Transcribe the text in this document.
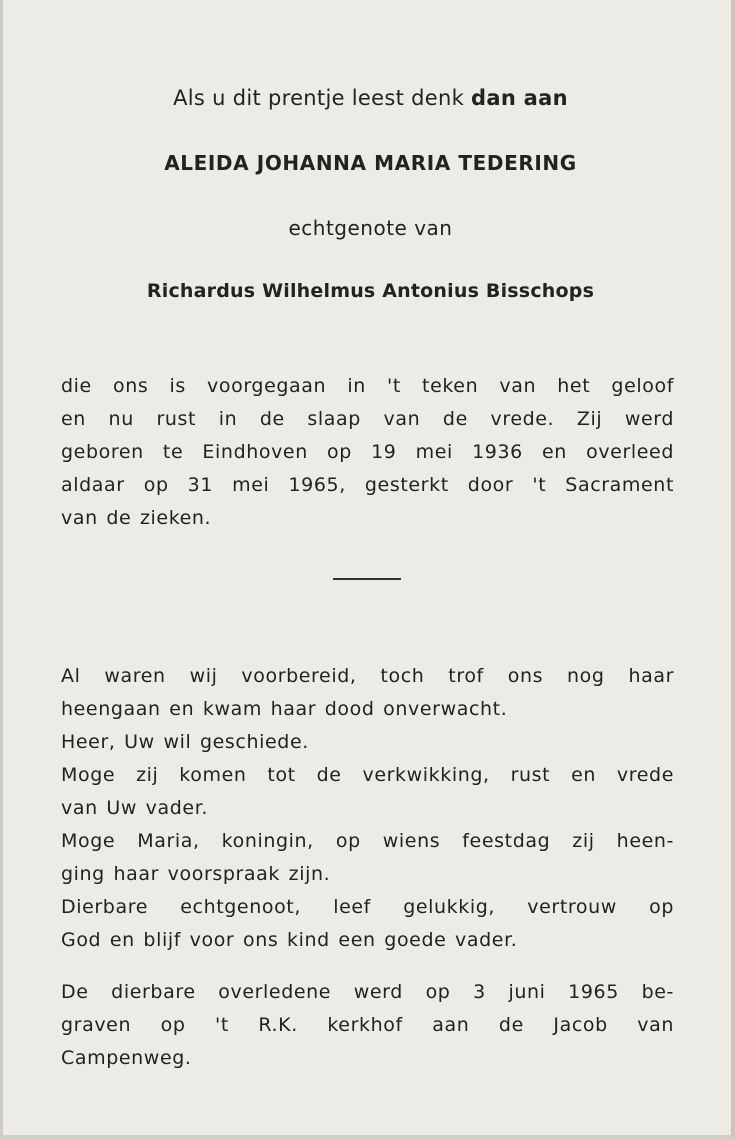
Als u dit prentje leest denk dan aan
ALEIDA JOHANNA MARIA TEDERING
echtgenote van
Richardus Wilhelmus Antonius Bisschops
die ons is voorgegaan in 't teken van het geloof
en nu rust in de slaap van de vrede. Zij werd
geboren te Eindhoven op 19 mei 1936 en overleed
aldaar op 31 mei 1965, gesterkt door 't Sacrament
van de zieken.
Al waren wij voorbereid, toch trof ons nog haar
heengaan en kwam haar dood onverwacht.
Heer, Uw wil geschiede.
Moge zij komen tot de verkwikking, rust en vrede
van Uw vader.
Moge Maria, koningin, op wiens feestdag zij heen-
ging haar voorspraak zijn.
Dierbare echtgenoot, leef gelukkig, vertrouw op
God en blijf voor ons kind een goede vader.
De dierbare overledene werd op 3 juni 1965 be-
graven op 't R.K. kerkhof aan de Jacob van
Campenweg.
